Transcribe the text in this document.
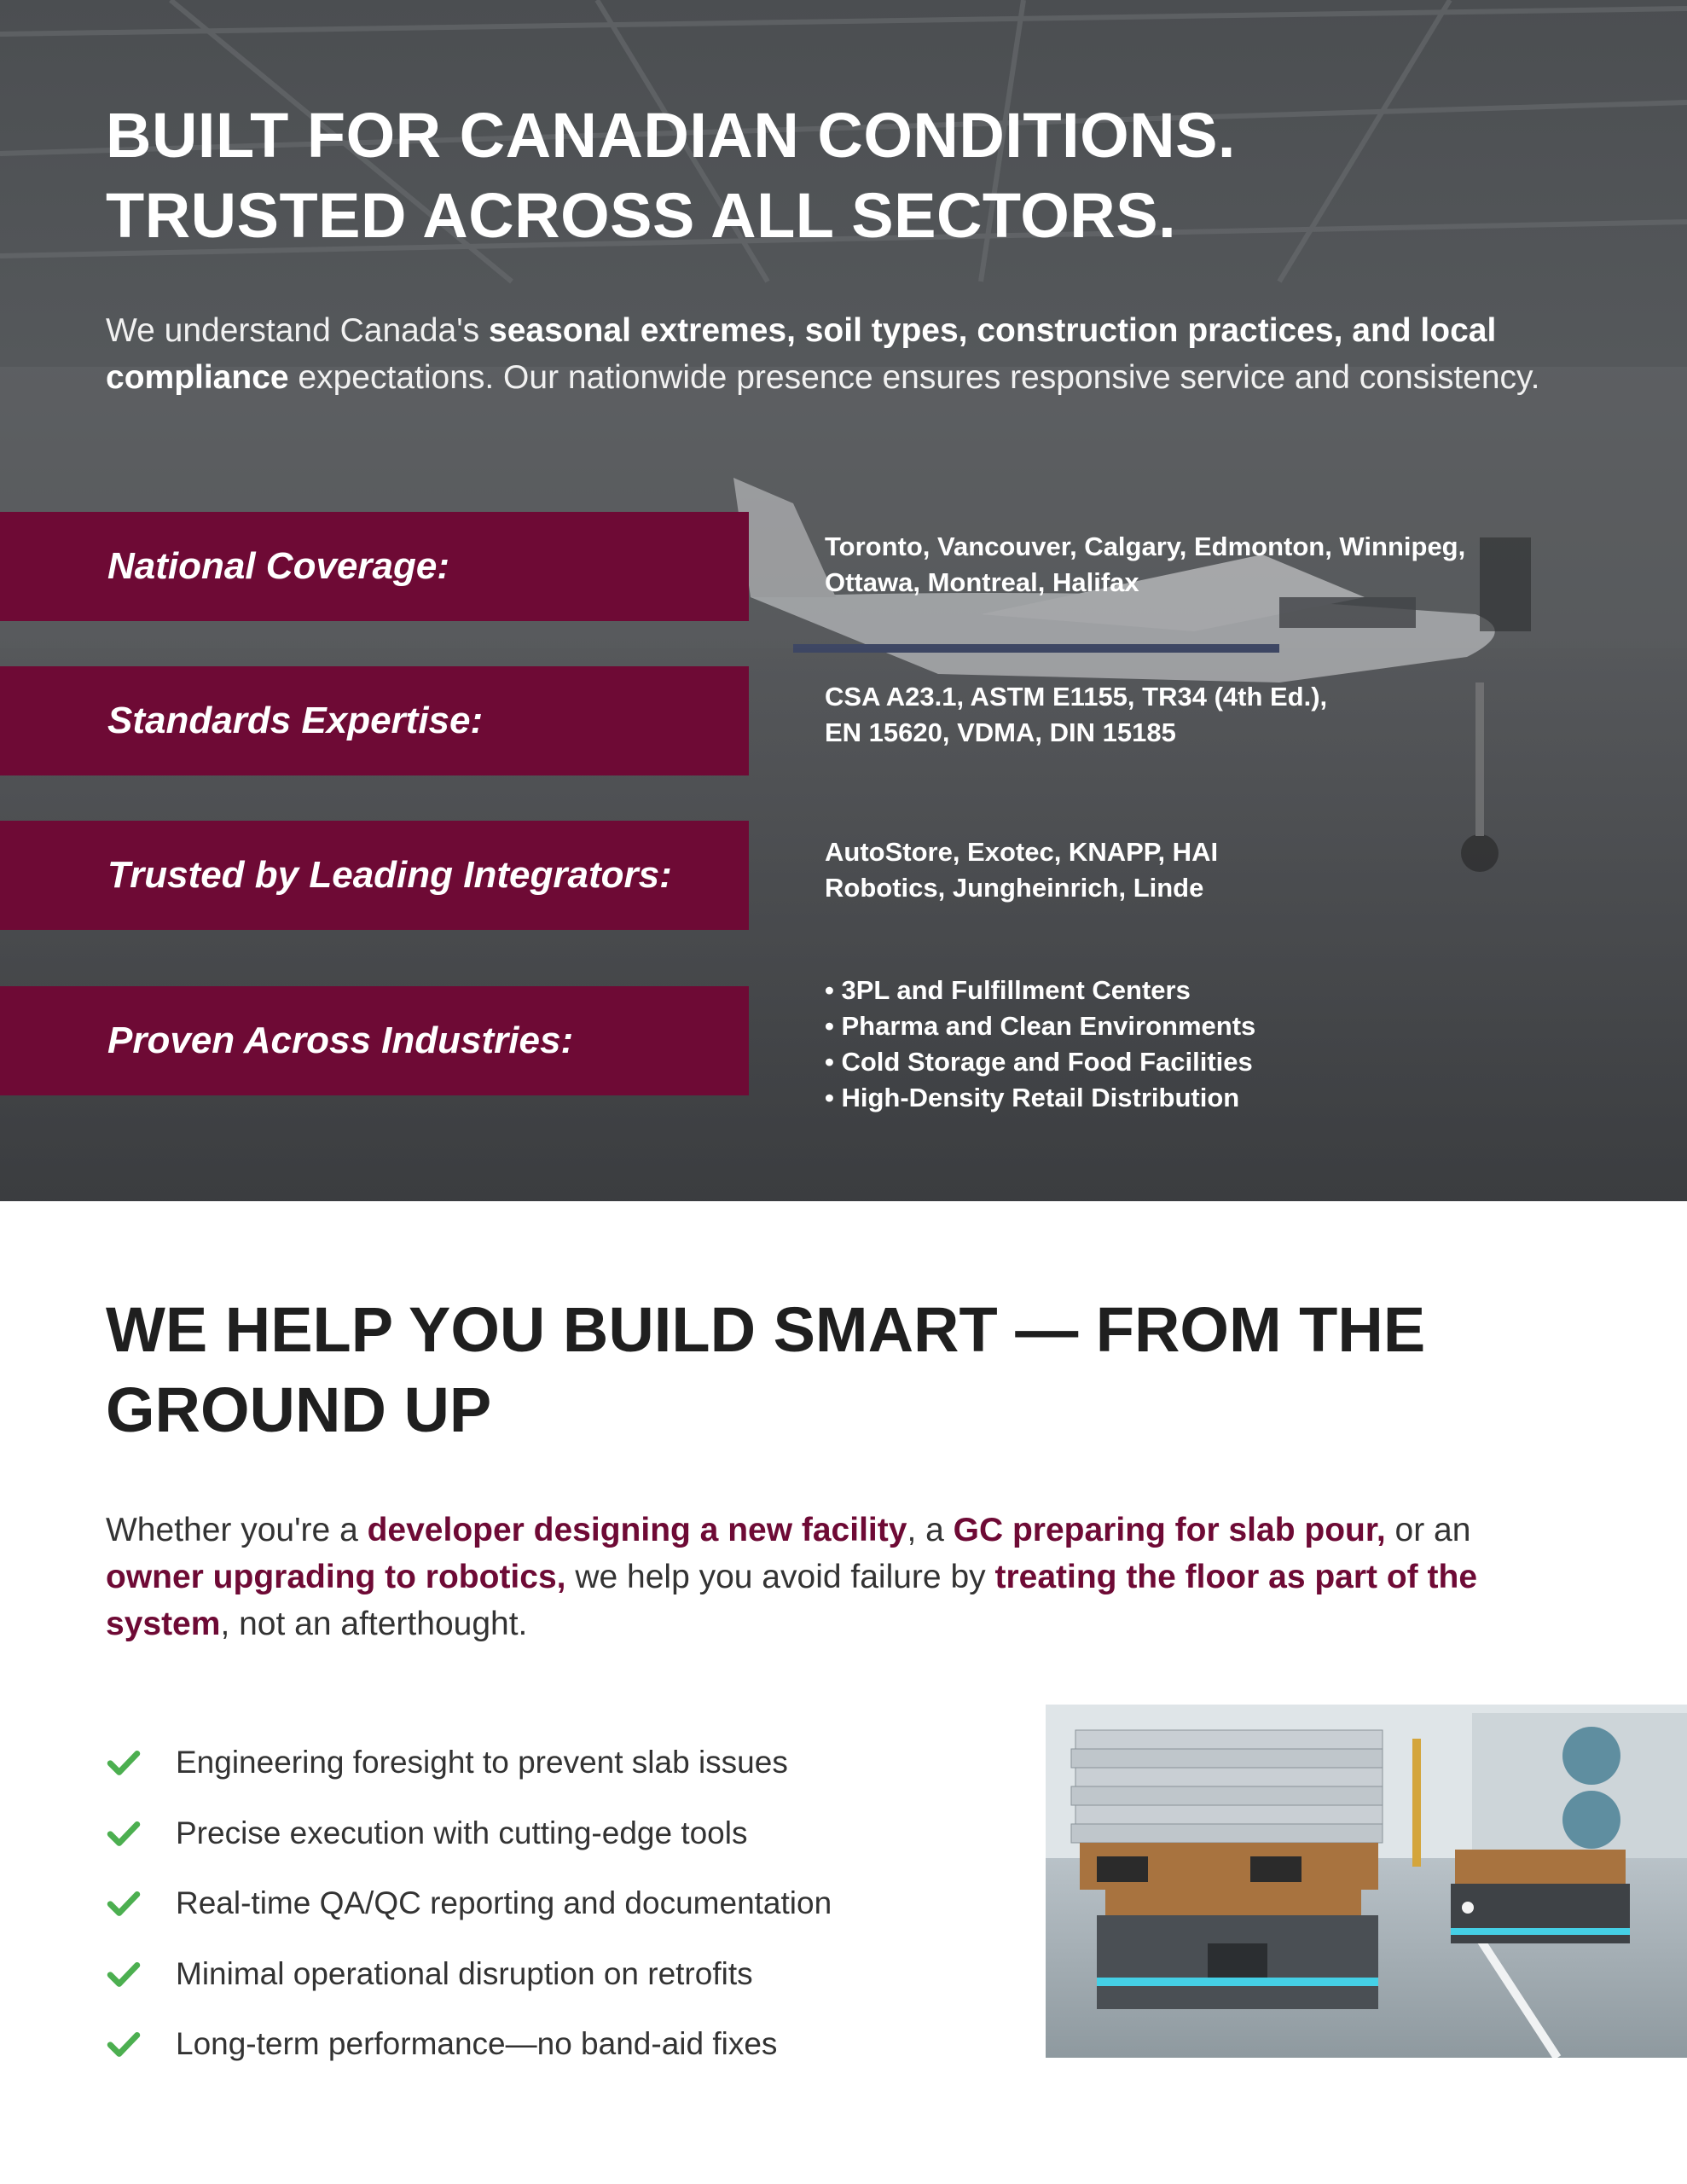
BUILT FOR CANADIAN CONDITIONS.
TRUSTED ACROSS ALL SECTORS.

We understand Canada's seasonal extremes, soil types, construction practices, and local compliance expectations. Our nationwide presence ensures responsive service and consistency.

National Coverage:	Toronto, Vancouver, Calgary, Edmonton, Winnipeg,
Ottawa, Montreal, Halifax
Standards Expertise:
CSA A23.1, ASTM E1155, TR34 (4th Ed.),
EN 15620, VDMA, DIN 15185
Trusted by Leading Integrators:
AutoStore, Exotec, KNAPP, HAI
Robotics, Jungheinrich, Linde
Proven Across Industries:
• 3PL and Fulfillment Centers
• Pharma and Clean Environments
• Cold Storage and Food Facilities
• High-Density Retail Distribution
WE HELP YOU BUILD SMART — FROM THE
GROUND UP

Whether you're a developer designing a new facility, a GC preparing for slab pour, or an owner upgrading to robotics, we help you avoid failure by treating the floor as part of the system, not an afterthought.

Engineering foresight to prevent slab issues
Precise execution with cutting-edge tools
Real-time QA/QC reporting and documentation
Minimal operational disruption on retrofits
Long-term performance—no band-aid fixes
